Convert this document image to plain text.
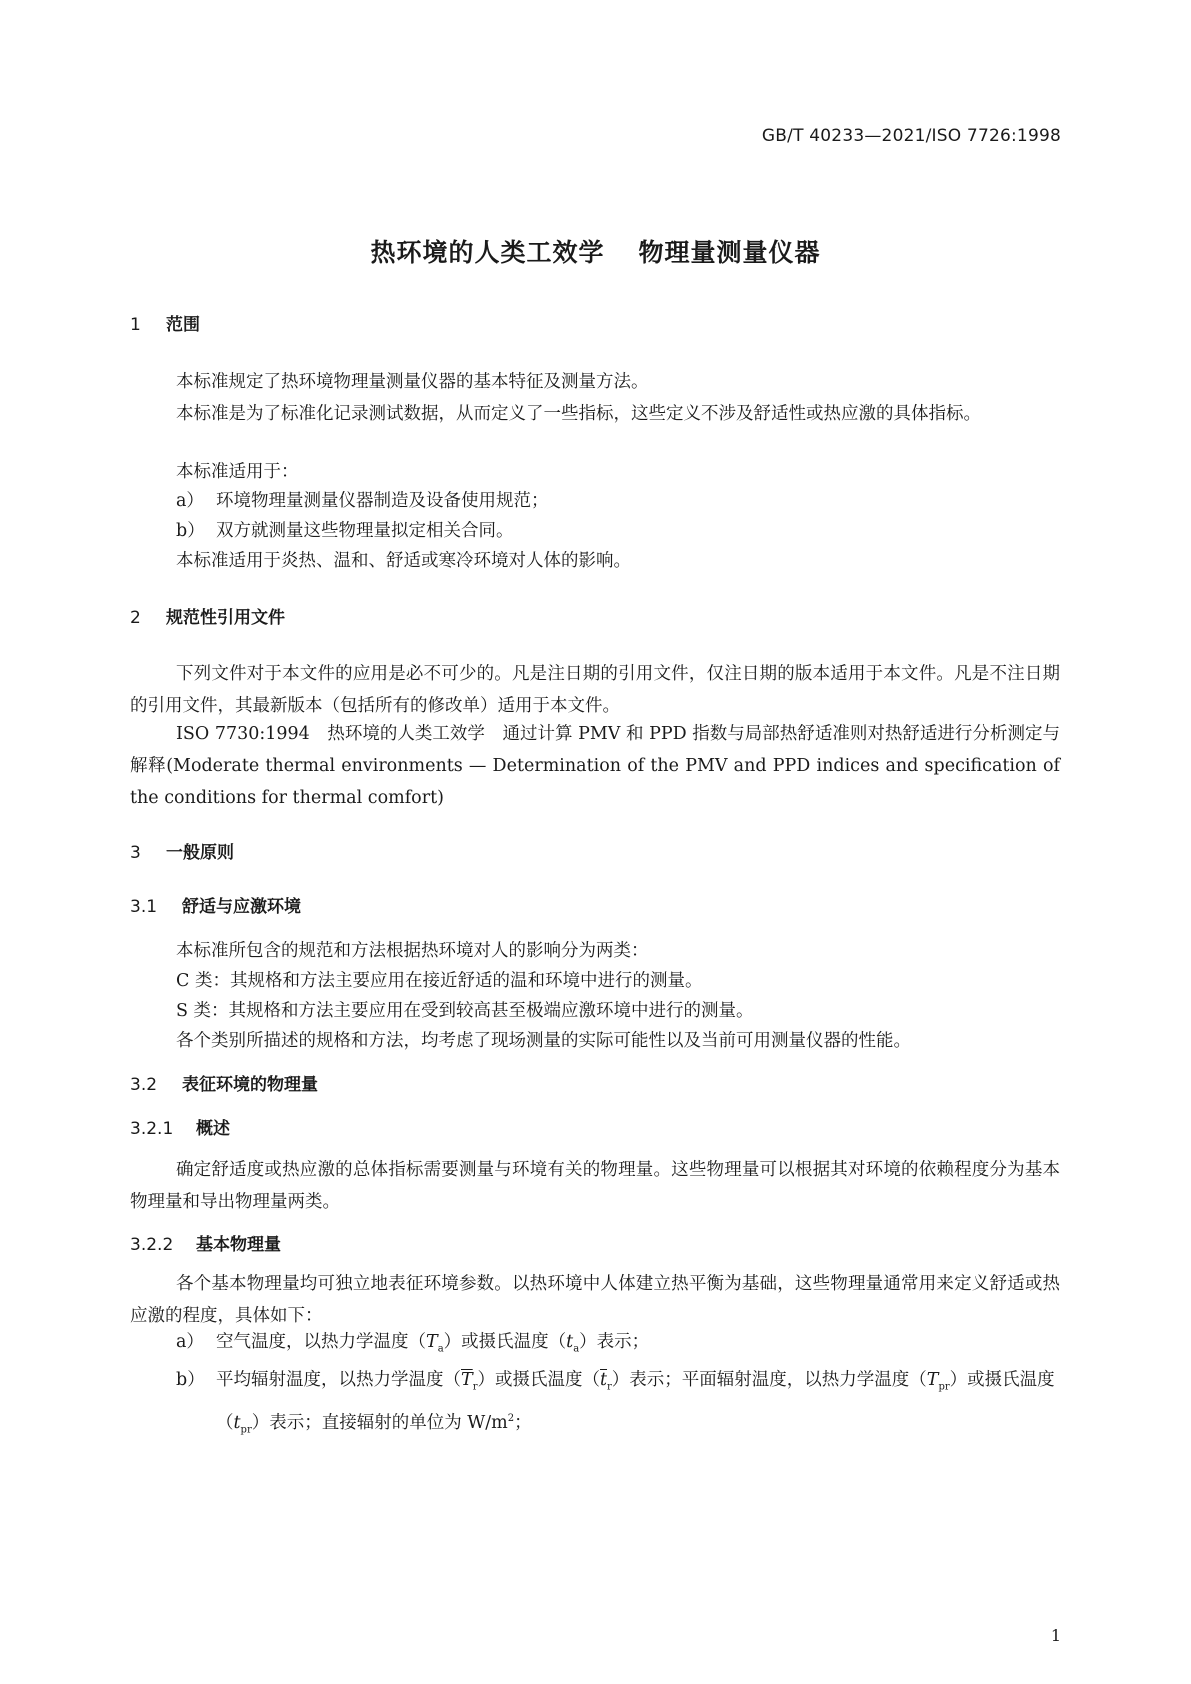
GB/T 40233—2021/ISO 7726:1998
热环境的人类工效学 物理量测量仪器
1 范围
本标准规定了热环境物理量测量仪器的基本特征及测量方法。
本标准是为了标准化记录测试数据，从而定义了一些指标，这些定义不涉及舒适性或热应激的具体指标。
本标准适用于：
a） 环境物理量测量仪器制造及设备使用规范；
b） 双方就测量这些物理量拟定相关合同。
本标准适用于炎热、温和、舒适或寒冷环境对人体的影响。
2 规范性引用文件
下列文件对于本文件的应用是必不可少的。凡是注日期的引用文件，仅注日期的版本适用于本文件。凡是不注日期的引用文件，其最新版本（包括所有的修改单）适用于本文件。
ISO 7730:1994　热环境的人类工效学　通过计算 PMV 和 PPD 指数与局部热舒适准则对热舒适进行分析测定与解释(Moderate thermal environments — Determination of the PMV and PPD indices and specification of the conditions for thermal comfort)
3 一般原则
3.1 舒适与应激环境
本标准所包含的规范和方法根据热环境对人的影响分为两类：
C 类：其规格和方法主要应用在接近舒适的温和环境中进行的测量。
S 类：其规格和方法主要应用在受到较高甚至极端应激环境中进行的测量。
各个类别所描述的规格和方法，均考虑了现场测量的实际可能性以及当前可用测量仪器的性能。
3.2 表征环境的物理量
3.2.1 概述
确定舒适度或热应激的总体指标需要测量与环境有关的物理量。这些物理量可以根据其对环境的依赖程度分为基本物理量和导出物理量两类。
3.2.2 基本物理量
各个基本物理量均可独立地表征环境参数。以热环境中人体建立热平衡为基础，这些物理量通常用来定义舒适或热应激的程度，具体如下：
a） 空气温度，以热力学温度$(T_a)$或摄氏温度$(t_a)$表示；
b） 平均辐射温度，以热力学温度$(\overline{T}_r)$或摄氏温度$(\overline{t}_r)$表示；平面辐射温度，以热力学温度$(T_{pr})$或摄氏温度$(t_{pr})$表示；直接辐射的单位为 $W/m^2$；
1
